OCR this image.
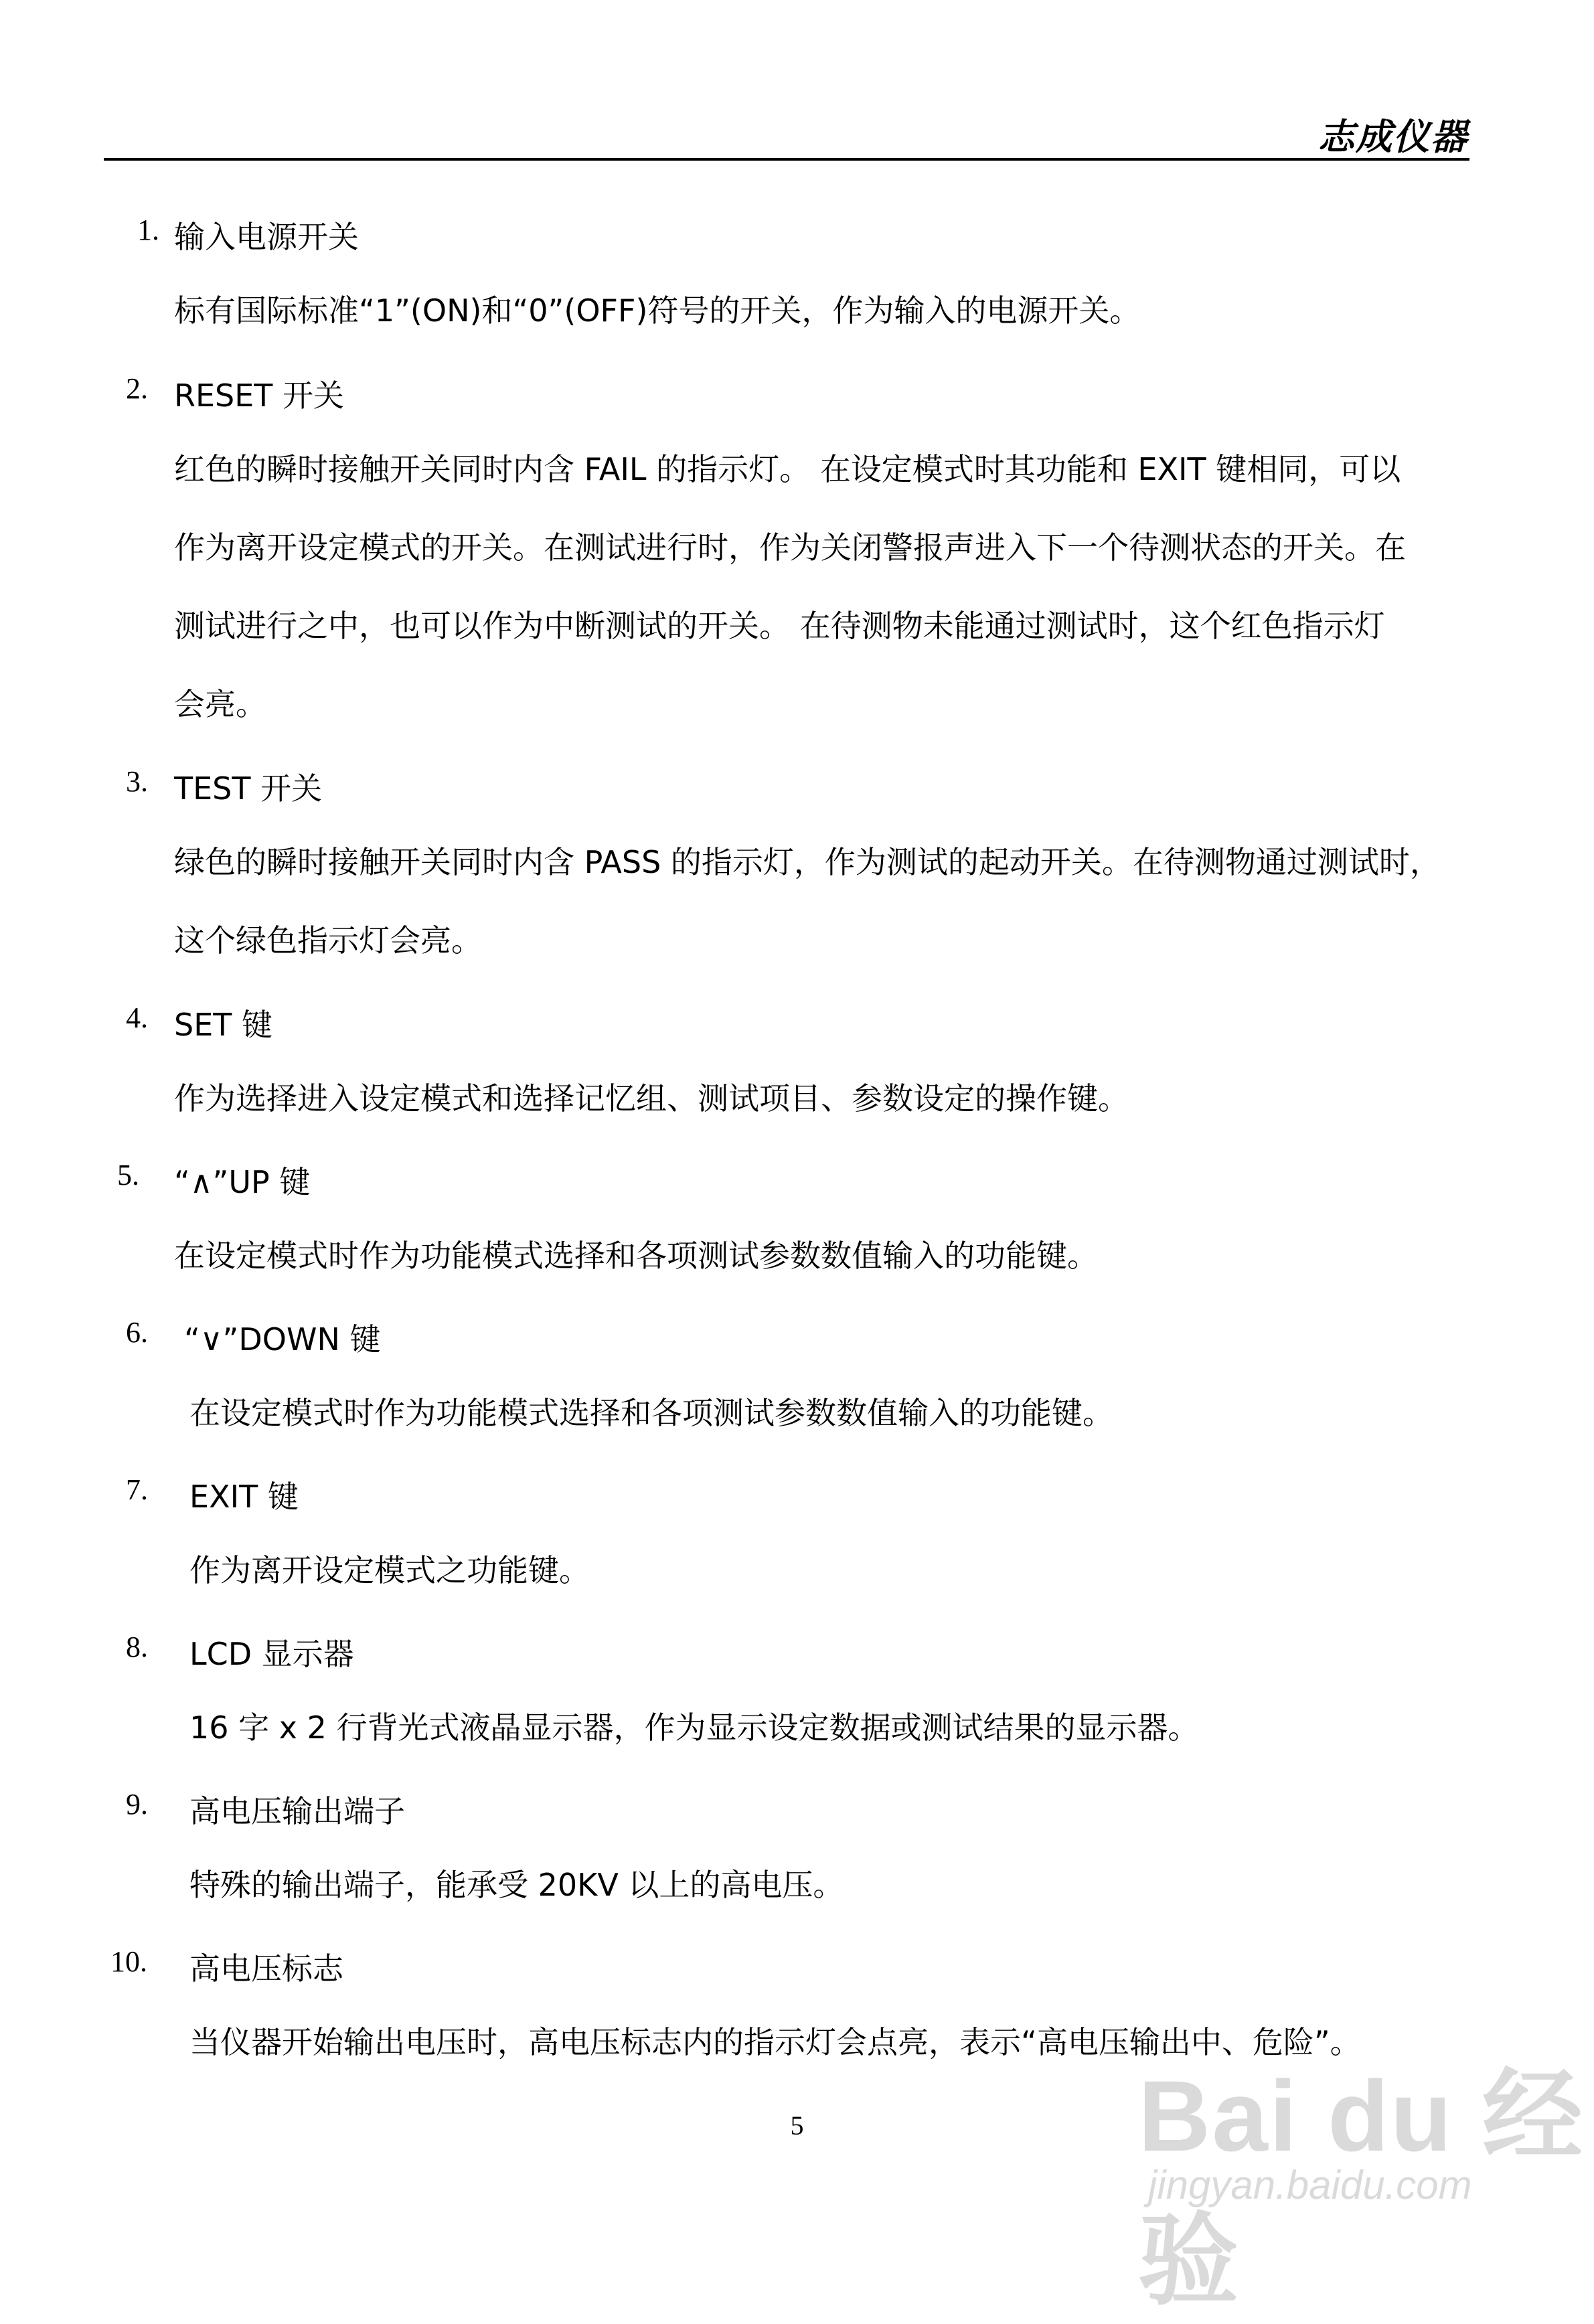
志成仪器
1. 输入电源开关
标有国际标准“1”(ON)和“0”(OFF)符号的开关，作为输入的电源开关。
2. RESET 开关
红色的瞬时接触开关同时内含 FAIL 的指示灯。 在设定模式时其功能和 EXIT 键相同，可以
作为离开设定模式的开关。在测试进行时，作为关闭警报声进入下一个待测状态的开关。在
测试进行之中，也可以作为中断测试的开关。 在待测物未能通过测试时，这个红色指示灯
会亮。
3. TEST 开关
绿色的瞬时接触开关同时内含 PASS 的指示灯，作为测试的起动开关。在待测物通过测试时，
这个绿色指示灯会亮。
4. SET 键
作为选择进入设定模式和选择记忆组、测试项目、参数设定的操作键。
5. “∧”UP 键
在设定模式时作为功能模式选择和各项测试参数数值输入的功能键。
6. “∨”DOWN 键
在设定模式时作为功能模式选择和各项测试参数数值输入的功能键。
7. EXIT 键
作为离开设定模式之功能键。
8. LCD 显示器
16 字 x 2 行背光式液晶显示器，作为显示设定数据或测试结果的显示器。
9. 高电压输出端子
特殊的输出端子，能承受 20KV 以上的高电压。
10. 高电压标志
当仪器开始输出电压时，高电压标志内的指示灯会点亮，表示“高电压输出中、危险”。
5	Bai du 经验
jingyan.baidu.com
